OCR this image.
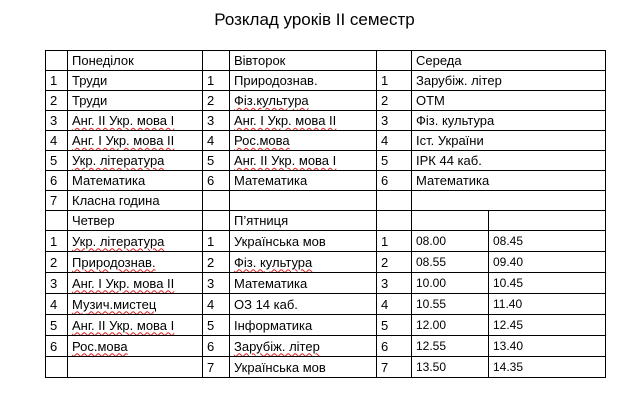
Розклад уроків ІІ семестр
	Понеділок		Вівторок		Середа	
1	Труди	1	Природознав.	1	Зарубіж. літер	
2	Труди	2	Фіз.культура	2	ОТМ	
3	Анг. ІІ Укр. мова І	3	Анг. І Укр. мова ІІ	3	Фіз. культура	
4	Анг. І Укр. мова ІІ	4	Рос.мова	4	Іст. України	
5	Укр. література	5	Анг. ІІ Укр. мова І	5	ІРК 44 каб.	
6	Математика	6	Математика	6	Математика	
7	Класна година					
	Четвер		П’ятниця			
1	Укр. література	1	Українська мов	1	08.00	08.45
2	Природознав.	2	Фіз. культура	2	08.55	09.40
3	Анг. І Укр. мова ІІ	3	Математика	3	10.00	10.45
4	Музич.мистец	4	ОЗ 14 каб.	4	10.55	11.40
5	Анг. ІІ Укр. мова І	5	Інформатика	5	12.00	12.45
6	Рос.мова	6	Зарубіж. літер	6	12.55	13.40
		7	Українська мов	7	13.50	14.35
